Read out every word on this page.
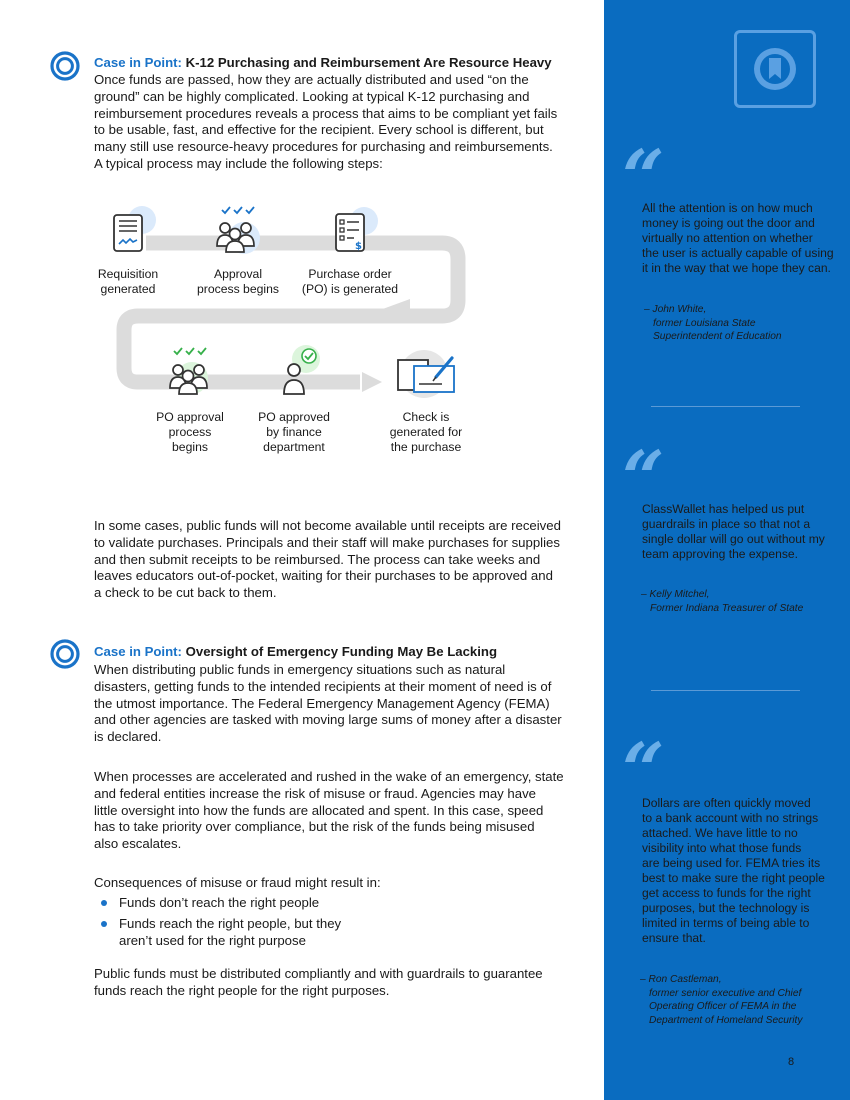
Case in Point: K-12 Purchasing and Reimbursement Are Resource Heavy

Once funds are passed, how they are actually distributed and used “on the
ground” can be highly complicated. Looking at typical K-12 purchasing and
reimbursement procedures reveals a process that aims to be compliant yet fails
to be usable, fast, and effective for the recipient. Every school is different, but
many still use resource-heavy procedures for purchasing and reimbursements.
A typical process may include the following steps:

$
Requisition
generated
Approval
process begins
Purchase order
(PO) is generated
PO approval
process
begins
PO approved
by finance
department
Check is
generated for
the purchase

In some cases, public funds will not become available until receipts are received
to validate purchases. Principals and their staff will make purchases for supplies
and then submit receipts to be reimbursed. The process can take weeks and
leaves educators out-of-pocket, waiting for their purchases to be approved and
a check to be cut back to them.

Case in Point: Oversight of Emergency Funding May Be Lacking

When distributing public funds in emergency situations such as natural
disasters, getting funds to the intended recipients at their moment of need is of
the utmost importance. The Federal Emergency Management Agency (FEMA)
and other agencies are tasked with moving large sums of money after a disaster
is declared.

When processes are accelerated and rushed in the wake of an emergency, state
and federal entities increase the risk of misuse or fraud. Agencies may have
little oversight into how the funds are allocated and spent. In this case, speed
has to take priority over compliance, but the risk of the funds being misused
also escalates.

Consequences of misuse or fraud might result in:

Funds don’t reach the right people
Funds reach the right people, but they
aren’t used for the right purpose

Public funds must be distributed compliantly and with guardrails to guarantee
funds reach the right people for the right purposes.

“

All the attention is on how much
money is going out the door and
virtually no attention on whether
the user is actually capable of using
it in the way that we hope they can.

– John White,
former Louisiana State
Superintendent of Education

“

ClassWallet has helped us put
guardrails in place so that not a
single dollar will go out without my
team approving the expense.

– Kelly Mitchel,
Former Indiana Treasurer of State

“

Dollars are often quickly moved
to a bank account with no strings
attached. We have little to no
visibility into what those funds
are being used for. FEMA tries its
best to make sure the right people
get access to funds for the right
purposes, but the technology is
limited in terms of being able to
ensure that.

– Ron Castleman,
former senior executive and Chief
Operating Officer of FEMA in the
Department of Homeland Security

8
